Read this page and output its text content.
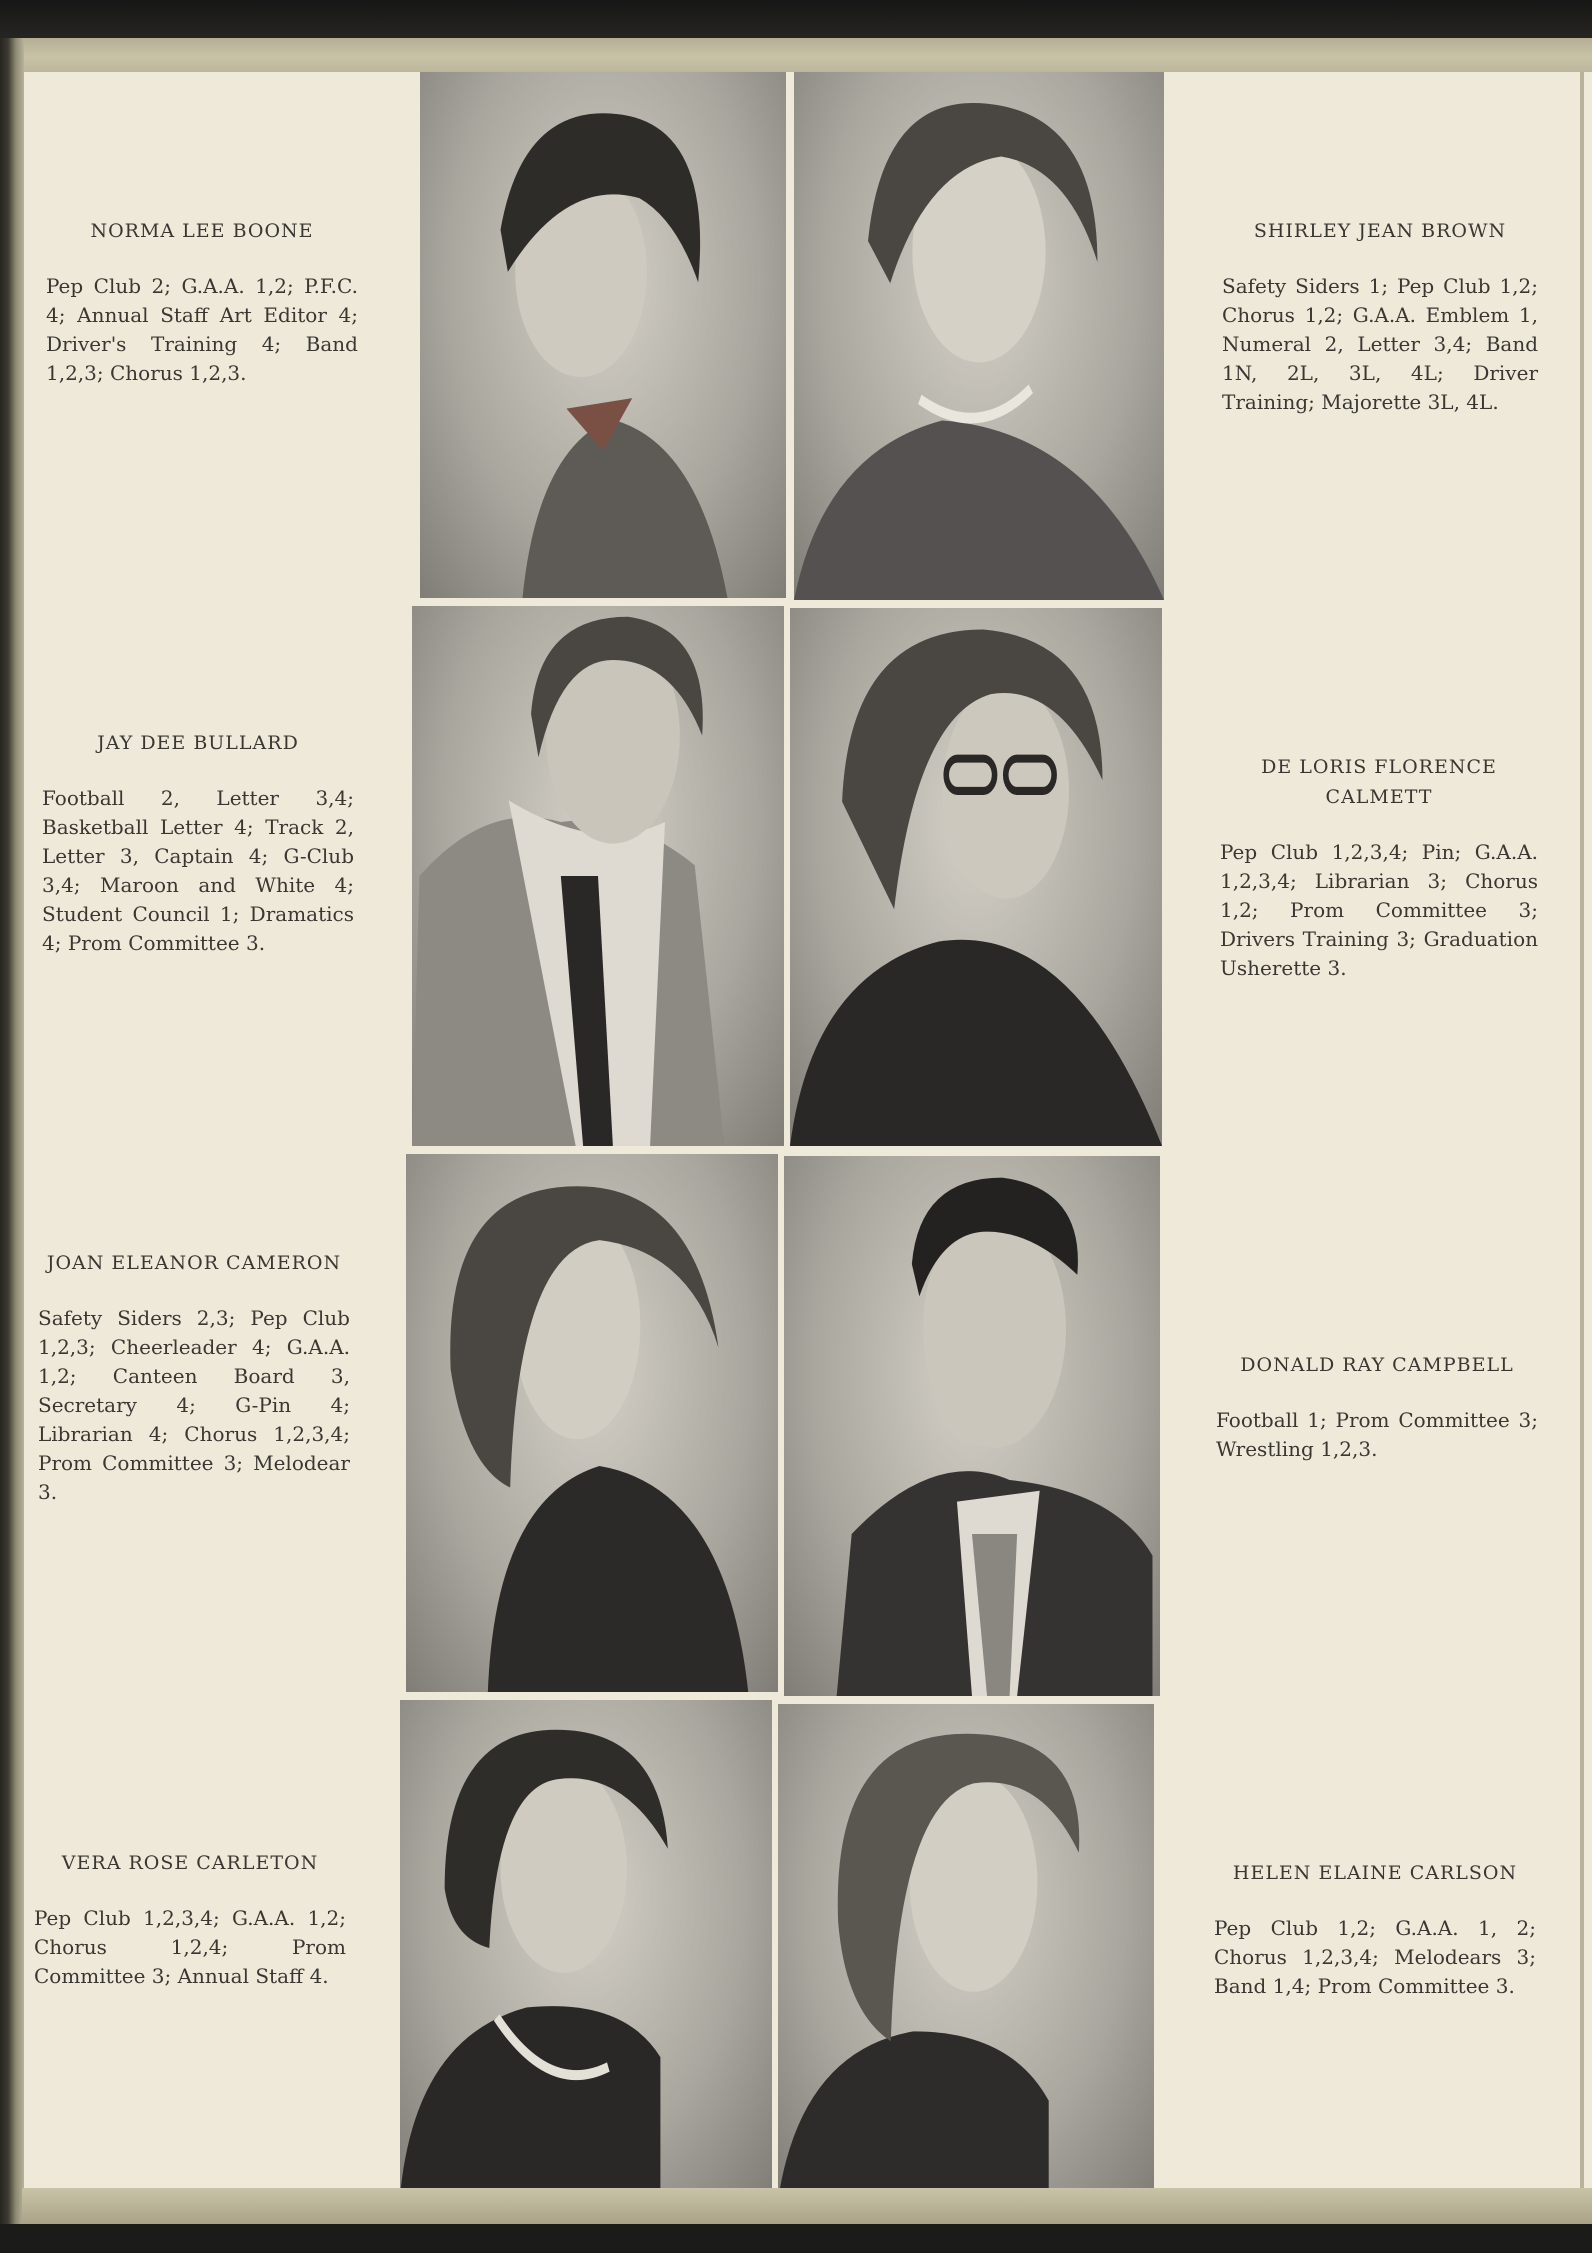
NORMA LEE BOONE
Pep Club 2; G.A.A. 1,2; P.F.C. 4; Annual Staff Art Editor 4; Driver's Training 4; Band 1,2,3; Chorus 1,2,3.
SHIRLEY JEAN BROWN
Safety Siders 1; Pep Club 1,2; Chorus 1,2; G.A.A. Emblem 1, Numeral 2, Letter 3,4; Band 1N, 2L, 3L, 4L; Driver Training; Majorette 3L, 4L.
JAY DEE BULLARD
Football 2, Letter 3,4; Basketball Letter 4; Track 2, Letter 3, Captain 4; G-Club 3,4; Maroon and White 4; Student Council 1; Dramatics 4; Prom Committee 3.
DE LORIS FLORENCE CALMETT
Pep Club 1,2,3,4; Pin; G.A.A. 1,2,3,4; Librarian 3; Chorus 1,2; Prom Committee 3; Drivers Training 3; Graduation Usherette 3.
JOAN ELEANOR CAMERON
Safety Siders 2,3; Pep Club 1,2,3; Cheerleader 4; G.A.A. 1,2; Canteen Board 3, Secretary 4; G-Pin 4; Librarian 4; Chorus 1,2,3,4; Prom Committee 3; Melodear 3.
DONALD RAY CAMPBELL
Football 1; Prom Committee 3; Wrestling 1,2,3.
VERA ROSE CARLETON
Pep Club 1,2,3,4; G.A.A. 1,2; Chorus 1,2,4; Prom Committee 3; Annual Staff 4.
HELEN ELAINE CARLSON
Pep Club 1,2; G.A.A. 1, 2; Chorus 1,2,3,4; Melodears 3; Band 1,4; Prom Committee 3.
